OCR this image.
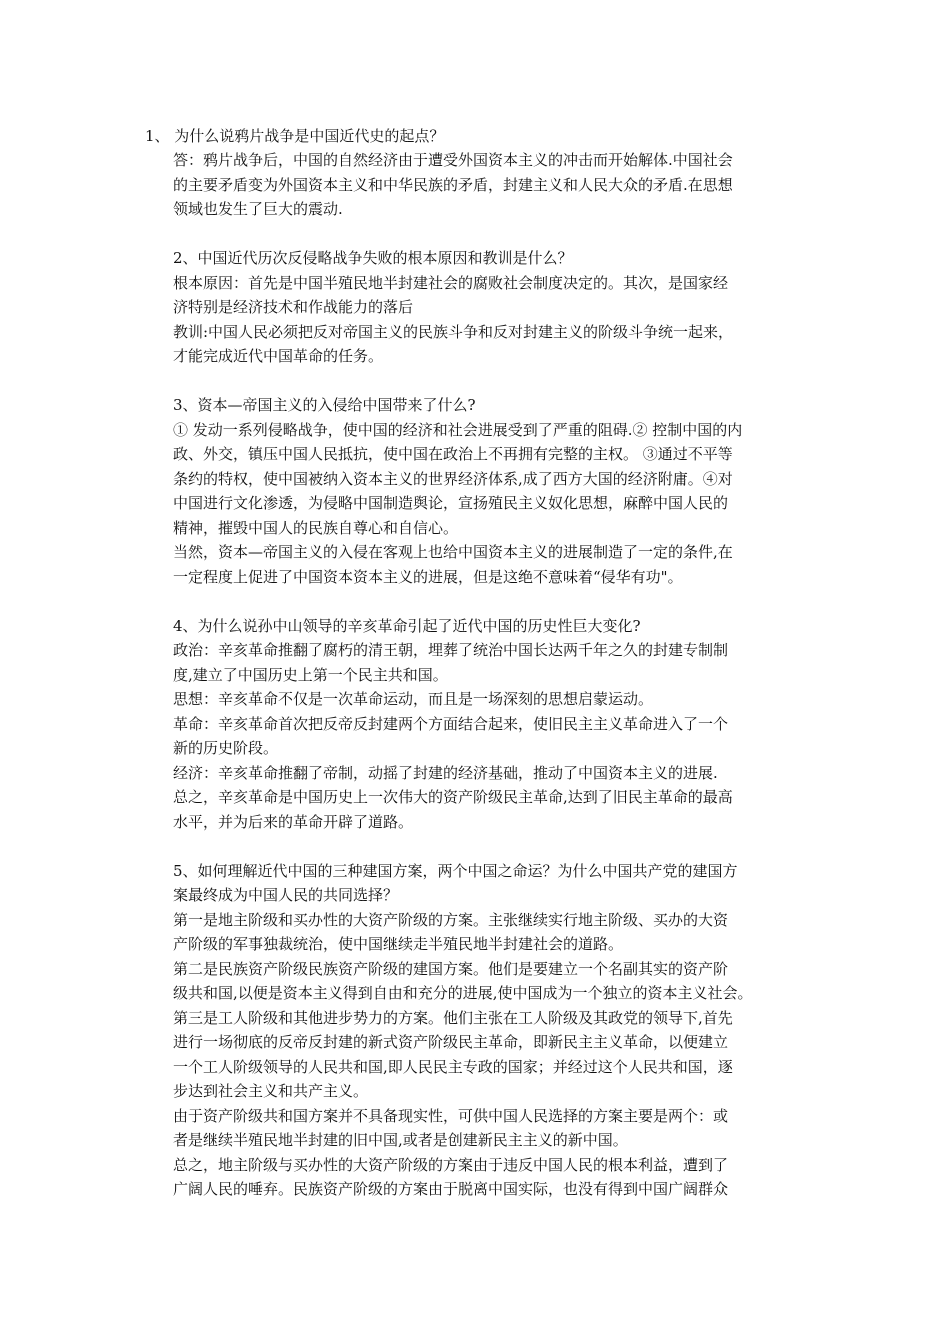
1、 为什么说鸦片战争是中国近代史的起点？

答：鸦片战争后，中国的自然经济由于遭受外国资本主义的冲击而开始解体.中国社会
的主要矛盾变为外国资本主义和中华民族的矛盾，封建主义和人民大众的矛盾.在思想
领域也发生了巨大的震动.

2、中国近代历次反侵略战争失败的根本原因和教训是什么？
根本原因：首先是中国半殖民地半封建社会的腐败社会制度决定的。其次，是国家经
济特别是经济技术和作战能力的落后
教训:中国人民必须把反对帝国主义的民族斗争和反对封建主义的阶级斗争统一起来，
才能完成近代中国革命的任务。

3、资本—帝国主义的入侵给中国带来了什么?
① 发动一系列侵略战争，使中国的经济和社会进展受到了严重的阻碍.② 控制中国的内
政、外交，镇压中国人民抵抗，使中国在政治上不再拥有完整的主权。 ③通过不平等
条约的特权，使中国被纳入资本主义的世界经济体系,成了西方大国的经济附庸。④对
中国进行文化渗透，为侵略中国制造舆论，宣扬殖民主义奴化思想，麻醉中国人民的
精神，摧毁中国人的民族自尊心和自信心。
当然，资本—帝国主义的入侵在客观上也给中国资本主义的进展制造了一定的条件,在
一定程度上促进了中国资本资本主义的进展，但是这绝不意味着“侵华有功"。

4、为什么说孙中山领导的辛亥革命引起了近代中国的历史性巨大变化?
政治：辛亥革命推翻了腐朽的清王朝，埋葬了统治中国长达两千年之久的封建专制制
度,建立了中国历史上第一个民主共和国。
思想：辛亥革命不仅是一次革命运动，而且是一场深刻的思想启蒙运动。
革命：辛亥革命首次把反帝反封建两个方面结合起来，使旧民主主义革命进入了一个
新的历史阶段。
经济：辛亥革命推翻了帝制，动摇了封建的经济基础，推动了中国资本主义的进展.
总之，辛亥革命是中国历史上一次伟大的资产阶级民主革命,达到了旧民主革命的最高
水平，并为后来的革命开辟了道路。

5、如何理解近代中国的三种建国方案，两个中国之命运？为什么中国共产党的建国方
案最终成为中国人民的共同选择？
第一是地主阶级和买办性的大资产阶级的方案。主张继续实行地主阶级、买办的大资
产阶级的军事独裁统治，使中国继续走半殖民地半封建社会的道路。
第二是民族资产阶级民族资产阶级的建国方案。他们是要建立一个名副其实的资产阶
级共和国,以便是资本主义得到自由和充分的进展,使中国成为一个独立的资本主义社会。
第三是工人阶级和其他进步势力的方案。他们主张在工人阶级及其政党的领导下,首先
进行一场彻底的反帝反封建的新式资产阶级民主革命，即新民主主义革命，以便建立
一个工人阶级领导的人民共和国,即人民民主专政的国家；并经过这个人民共和国，逐
步达到社会主义和共产主义。
由于资产阶级共和国方案并不具备现实性，可供中国人民选择的方案主要是两个：或
者是继续半殖民地半封建的旧中国,或者是创建新民主主义的新中国。
总之，地主阶级与买办性的大资产阶级的方案由于违反中国人民的根本利益，遭到了
广阔人民的唾弃。民族资产阶级的方案由于脱离中国实际，也没有得到中国广阔群众
